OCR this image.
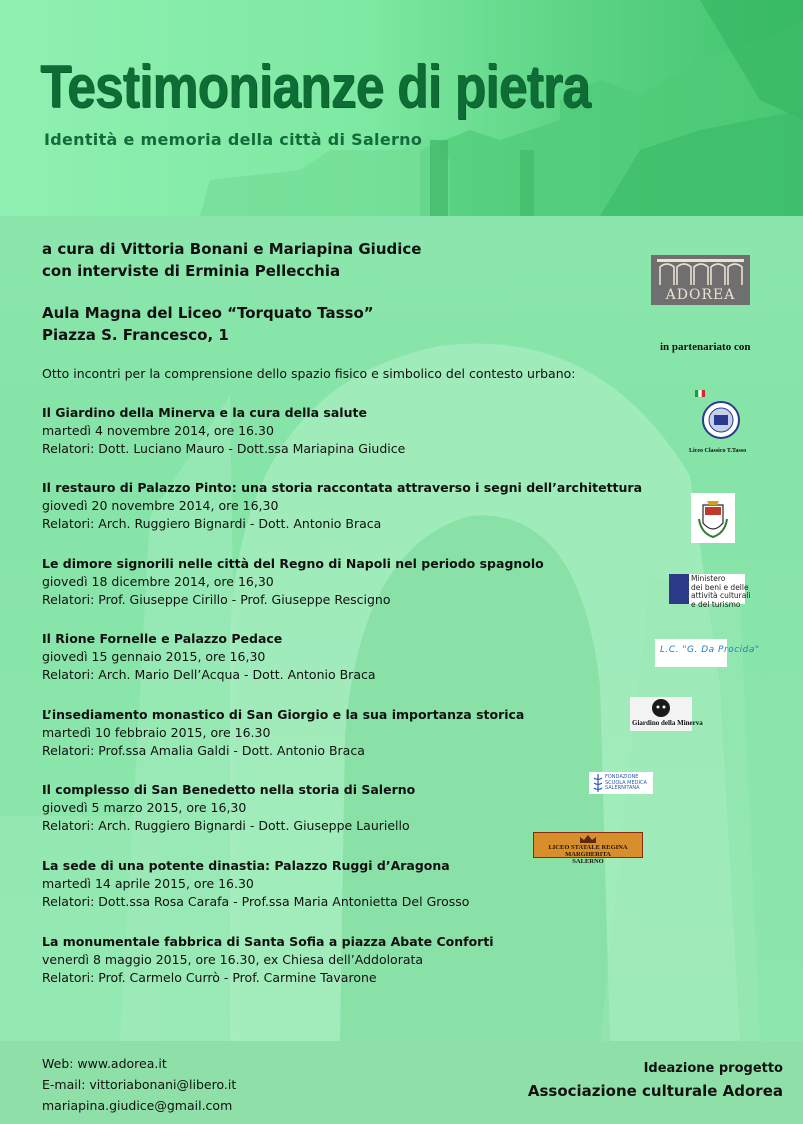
Testimonianze di pietra

Identità e memoria della città di Salerno

a cura di Vittoria Bonani e Mariapina Giudice
con interviste di Erminia Pellecchia
Aula Magna del Liceo “Torquato Tasso”
Piazza S. Francesco, 1
Otto incontri per la comprensione dello spazio fisico e simbolico del contesto urbano:
Il Giardino della Minerva e la cura della salute
martedì 4 novembre 2014, ore 16.30
Relatori: Dott. Luciano Mauro - Dott.ssa Mariapina Giudice
Il restauro di Palazzo Pinto: una storia raccontata attraverso i segni dell’architettura
giovedì 20 novembre 2014, ore 16,30
Relatori: Arch. Ruggiero Bignardi - Dott. Antonio Braca
Le dimore signorili nelle città del Regno di Napoli nel periodo spagnolo
giovedì 18 dicembre 2014, ore 16,30
Relatori: Prof. Giuseppe Cirillo - Prof. Giuseppe Rescigno
Il Rione Fornelle e Palazzo Pedace
giovedì 15 gennaio 2015, ore 16,30
Relatori: Arch. Mario Dell’Acqua - Dott. Antonio Braca
L’insediamento monastico di San Giorgio e la sua importanza storica
martedì 10 febbraio 2015, ore 16.30
Relatori: Prof.ssa Amalia Galdi - Dott. Antonio Braca
Il complesso di San Benedetto nella storia di Salerno
giovedì 5 marzo 2015, ore 16,30
Relatori: Arch. Ruggiero Bignardi - Dott. Giuseppe Lauriello
La sede di una potente dinastia: Palazzo Ruggi d’Aragona
martedì 14 aprile 2015, ore 16.30
Relatori: Dott.ssa Rosa Carafa - Prof.ssa Maria Antonietta Del Grosso
La monumentale fabbrica di Santa Sofia a piazza Abate Conforti
venerdì 8 maggio 2015, ore 16.30, ex Chiesa dell’Addolorata
Relatori: Prof. Carmelo Currò - Prof. Carmine Tavarone
ADOREA
in partenariato con
Liceo Classico T.Tasso
Ministero
dei beni e delle
attività culturali
e del turismo
L.C. "G. Da Procida"
Giardino della Minerva
FONDAZIONE
SCUOLA MEDICA
SALERNITANA
LICEO STATALE REGINA MARGHERITA
SALERNO
Web: www.adorea.it
E-mail: vittoriabonani@libero.it
mariapina.giudice@gmail.com
Ideazione progetto
Associazione culturale Adorea
